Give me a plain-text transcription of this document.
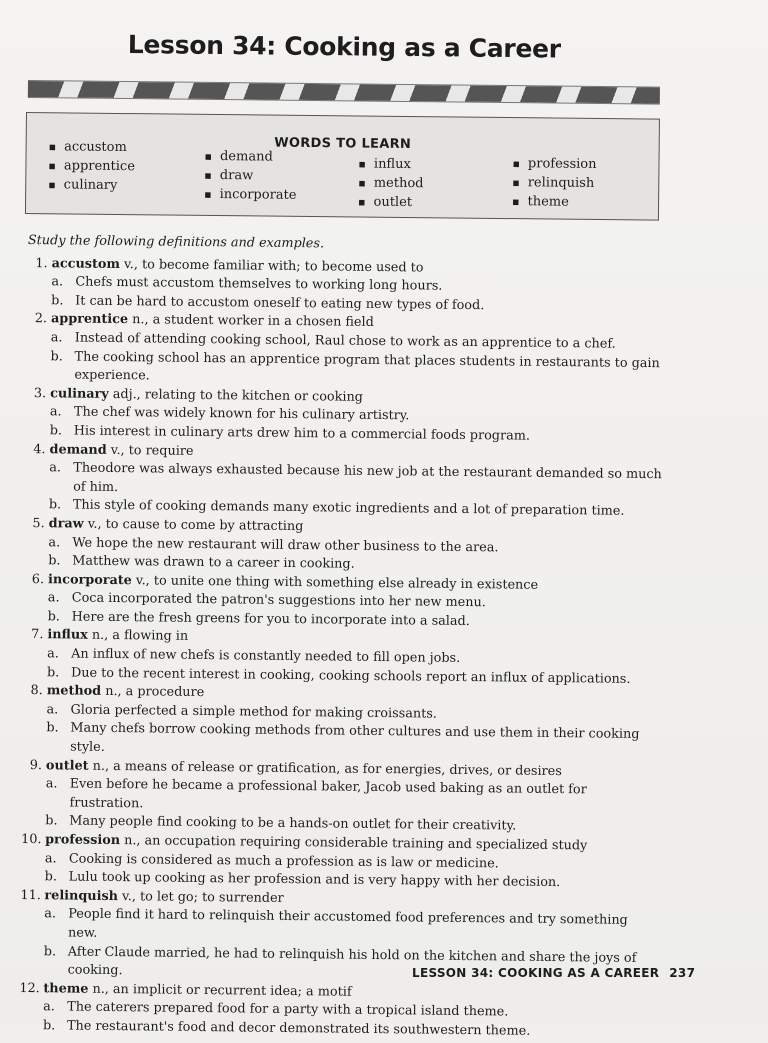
Lesson 34: Cooking as a Career
WORDS TO LEARN
▪ accustom
▪ apprentice
▪ culinary
▪ demand
▪ draw
▪ incorporate
▪ influx
▪ method
▪ outlet
▪ profession
▪ relinquish
▪ theme
Study the following definitions and examples.
1. accustom v., to become familiar with; to become used to
a. Chefs must accustom themselves to working long hours.
b. It can be hard to accustom oneself to eating new types of food.
2. apprentice n., a student worker in a chosen field
a. Instead of attending cooking school, Raul chose to work as an apprentice to a chef.
b. The cooking school has an apprentice program that places students in restaurants to gain experience.
3. culinary adj., relating to the kitchen or cooking
a. The chef was widely known for his culinary artistry.
b. His interest in culinary arts drew him to a commercial foods program.
4. demand v., to require
a. Theodore was always exhausted because his new job at the restaurant demanded so much of him.
b. This style of cooking demands many exotic ingredients and a lot of preparation time.
5. draw v., to cause to come by attracting
a. We hope the new restaurant will draw other business to the area.
b. Matthew was drawn to a career in cooking.
6. incorporate v., to unite one thing with something else already in existence
a. Coca incorporated the patron's suggestions into her new menu.
b. Here are the fresh greens for you to incorporate into a salad.
7. influx n., a flowing in
a. An influx of new chefs is constantly needed to fill open jobs.
b. Due to the recent interest in cooking, cooking schools report an influx of applications.
8. method n., a procedure
a. Gloria perfected a simple method for making croissants.
b. Many chefs borrow cooking methods from other cultures and use them in their cooking style.
9. outlet n., a means of release or gratification, as for energies, drives, or desires
a. Even before he became a professional baker, Jacob used baking as an outlet for frustration.
b. Many people find cooking to be a hands-on outlet for their creativity.
10. profession n., an occupation requiring considerable training and specialized study
a. Cooking is considered as much a profession as is law or medicine.
b. Lulu took up cooking as her profession and is very happy with her decision.
11. relinquish v., to let go; to surrender
a. People find it hard to relinquish their accustomed food preferences and try something new.
b. After Claude married, he had to relinquish his hold on the kitchen and share the joys of cooking.
12. theme n., an implicit or recurrent idea; a motif
a. The caterers prepared food for a party with a tropical island theme.
b. The restaurant's food and decor demonstrated its southwestern theme.
LESSON 34: COOKING AS A CAREER 237
